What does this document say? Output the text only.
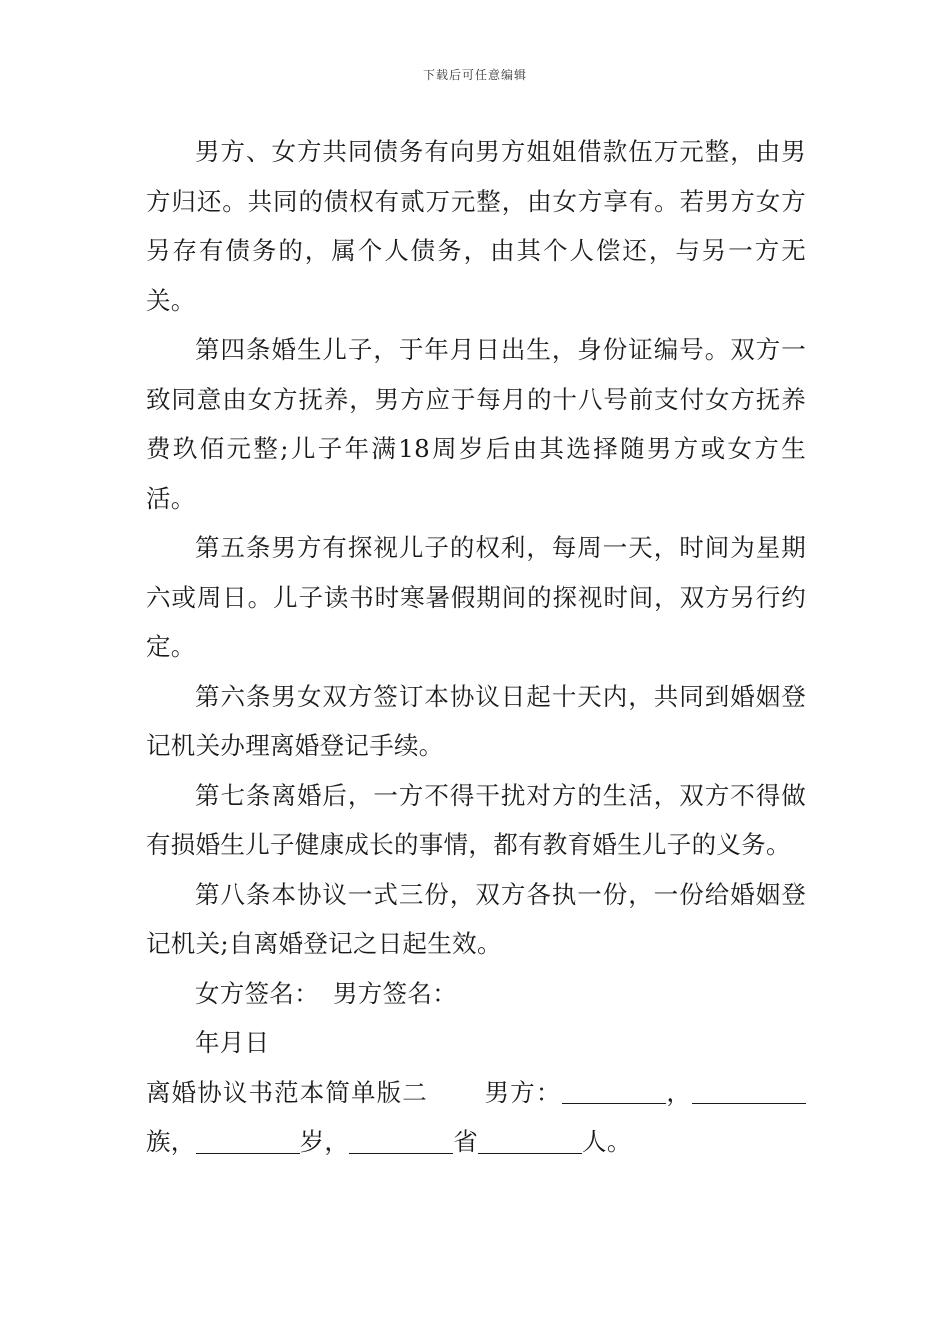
下载后可任意编辑

男方、女方共同债务有向男方姐姐借款伍万元整，由男方归还。共同的债权有贰万元整，由女方享有。若男方女方另存有债务的，属个人债务，由其个人偿还，与另一方无关。

第四条婚生儿子，于年月日出生，身份证编号。双方一致同意由女方抚养，男方应于每月的十八号前支付女方抚养费玖佰元整;儿子年满18周岁后由其选择随男方或女方生活。

第五条男方有探视儿子的权利，每周一天，时间为星期六或周日。儿子读书时寒暑假期间的探视时间，双方另行约定。

第六条男女双方签订本协议日起十天内，共同到婚姻登记机关办理离婚登记手续。

第七条离婚后，一方不得干扰对方的生活，双方不得做有损婚生儿子健康成长的事情，都有教育婚生儿子的义务。

第八条本协议一式三份，双方各执一份，一份给婚姻登记机关;自离婚登记之日起生效。

女方签名： 男方签名：

年月日

离婚协议书范本简单版二 男方：	，族，	岁，	省	人。
